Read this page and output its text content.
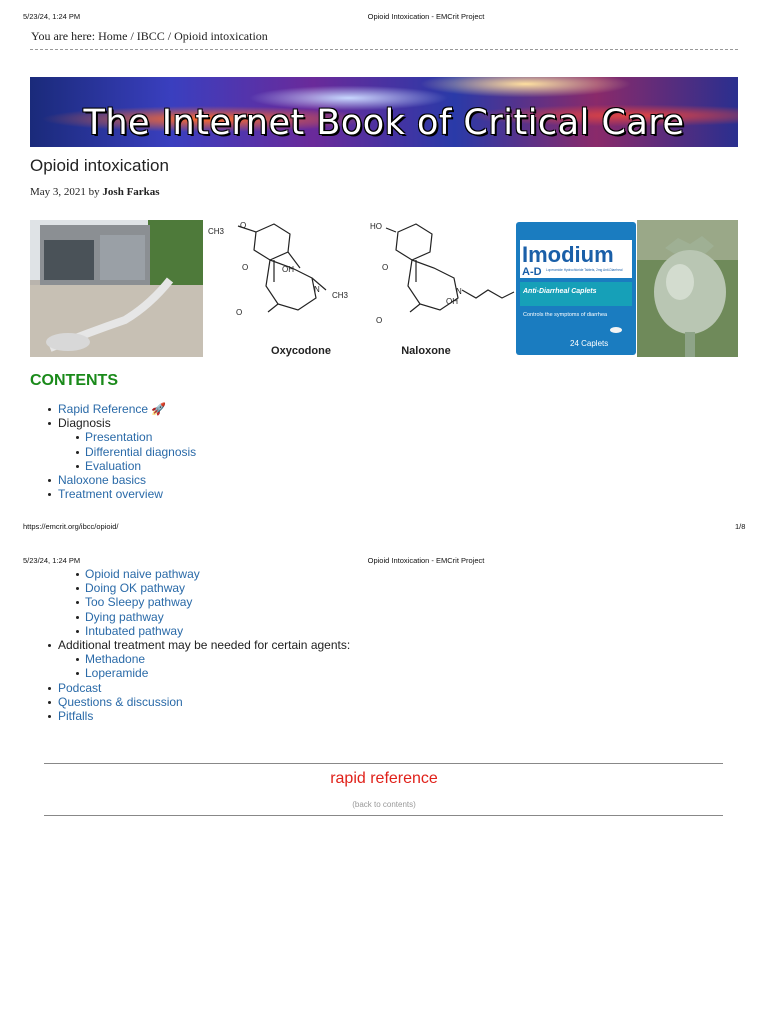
5/23/24, 1:24 PM	Opioid Intoxication - EMCrit Project
You are here: Home / IBCC / Opioid intoxication
The Internet Book of Critical Care
Opioid intoxication
May 3, 2021 by Josh Farkas
CH3
O
O	OH
N
CH3
O
Oxycodone
HO
O
N
OH
O
Naloxone
Imodium
A-D Loperamide Hydrochloride Tablets, 2mg Anti-Diarrheal
Anti-Diarrheal Caplets
Controls the symptoms of diarrhea
24 Caplets
CONTENTS
Rapid Reference 🚀
Diagnosis
Presentation
Differential diagnosis
Evaluation
Naloxone basics
Treatment overview
https://emcrit.org/ibcc/opioid/	1/8
5/23/24, 1:24 PM	Opioid Intoxication - EMCrit Project
Opioid naive pathway
Doing OK pathway
Too Sleepy pathway
Dying pathway
Intubated pathway
Additional treatment may be needed for certain agents:
Methadone
Loperamide
Podcast
Questions & discussion
Pitfalls
rapid reference
(back to contents)
